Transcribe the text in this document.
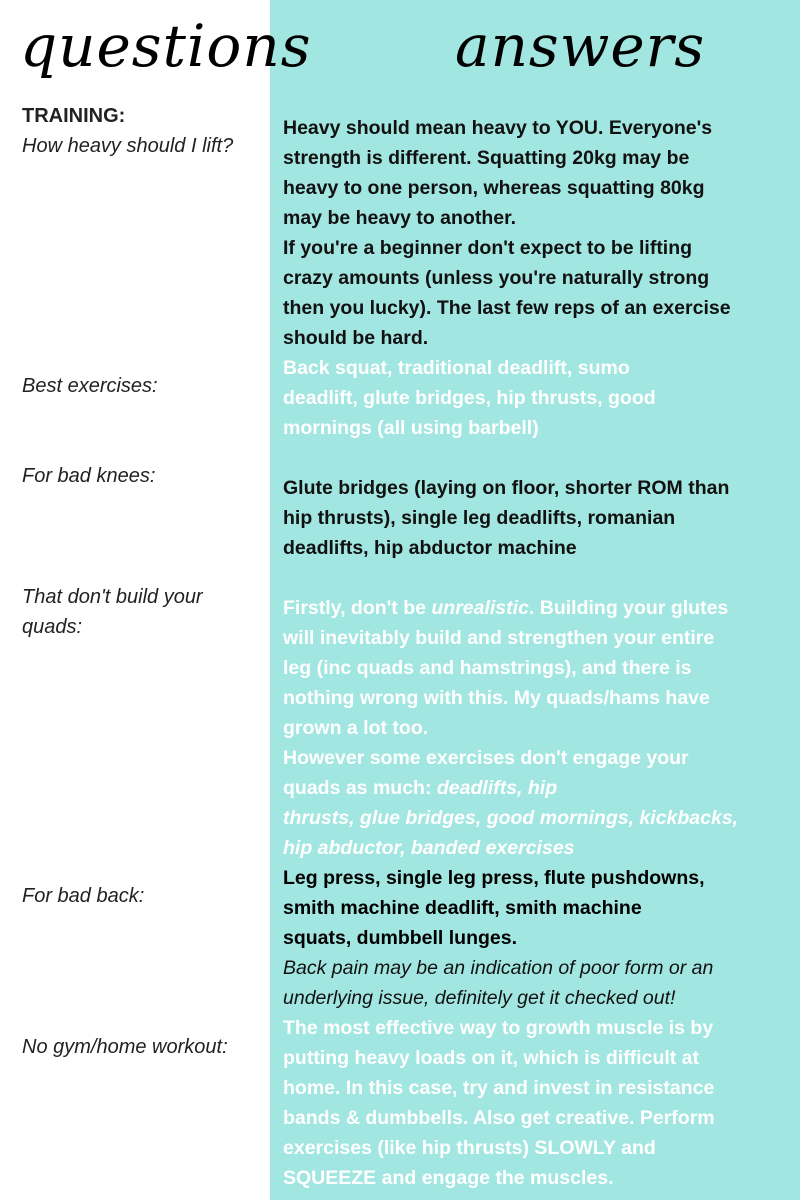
questions answers
TRAINING:
How heavy should I lift?
Best exercises:
For bad knees:
That don't build your
quads:
For bad back:
No gym/home workout:
Heavy should mean heavy to YOU. Everyone's
strength is different. Squatting 20kg may be
heavy to one person, whereas squatting 80kg
may be heavy to another.
If you're a beginner don't expect to be lifting
crazy amounts (unless you're naturally strong
then you lucky). The last few reps of an exercise
should be hard.
Back squat, traditional deadlift, sumo
deadlift, glute bridges, hip thrusts, good
mornings (all using barbell)
Glute bridges (laying on floor, shorter ROM than
hip thrusts), single leg deadlifts, romanian
deadlifts, hip abductor machine
Firstly, don't be unrealistic. Building your glutes
will inevitably build and strengthen your entire
leg (inc quads and hamstrings), and there is
nothing wrong with this. My quads/hams have
grown a lot too.
However some exercises don't engage your
quads as much: deadlifts, hip
thrusts, glue bridges, good mornings, kickbacks,
hip abductor, banded exercises
Leg press, single leg press, flute pushdowns,
smith machine deadlift, smith machine
squats, dumbbell lunges.
Back pain may be an indication of poor form or an
underlying issue, definitely get it checked out!
The most effective way to growth muscle is by
putting heavy loads on it, which is difficult at
home. In this case, try and invest in resistance
bands & dumbbells. Also get creative. Perform
exercises (like hip thrusts) SLOWLY and
SQUEEZE and engage the muscles.
